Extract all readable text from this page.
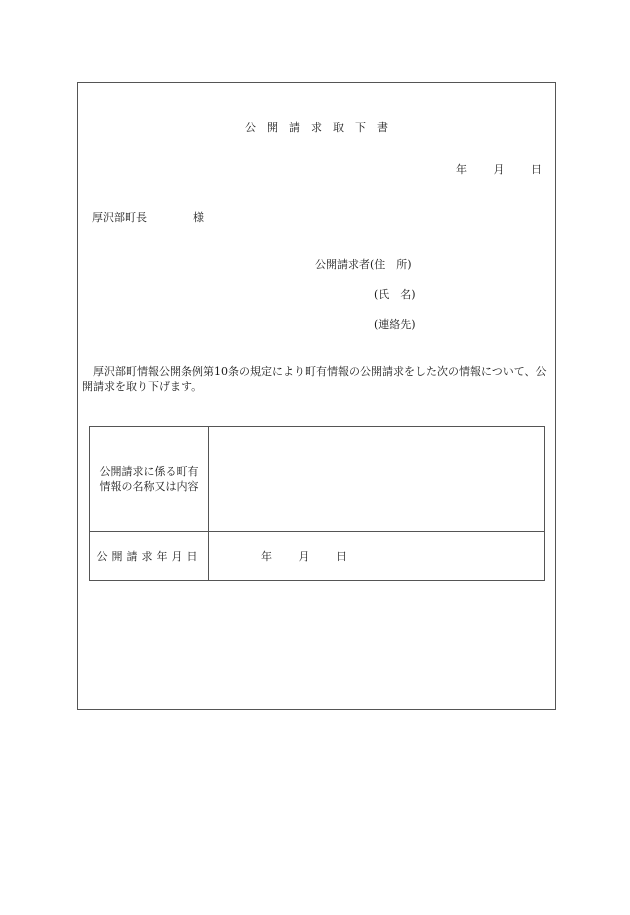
公開請求取下書
年 月 日
厚沢部町長	様
公開請求者(住　所)
(氏　名)
(連絡先)
厚沢部町情報公開条例第10条の規定により町有情報の公開請求をした次の情報について、公開請求を取り下げます。
公開請求に係る町有
情報の名称又は内容	

公開請求年月日	年 月 日
